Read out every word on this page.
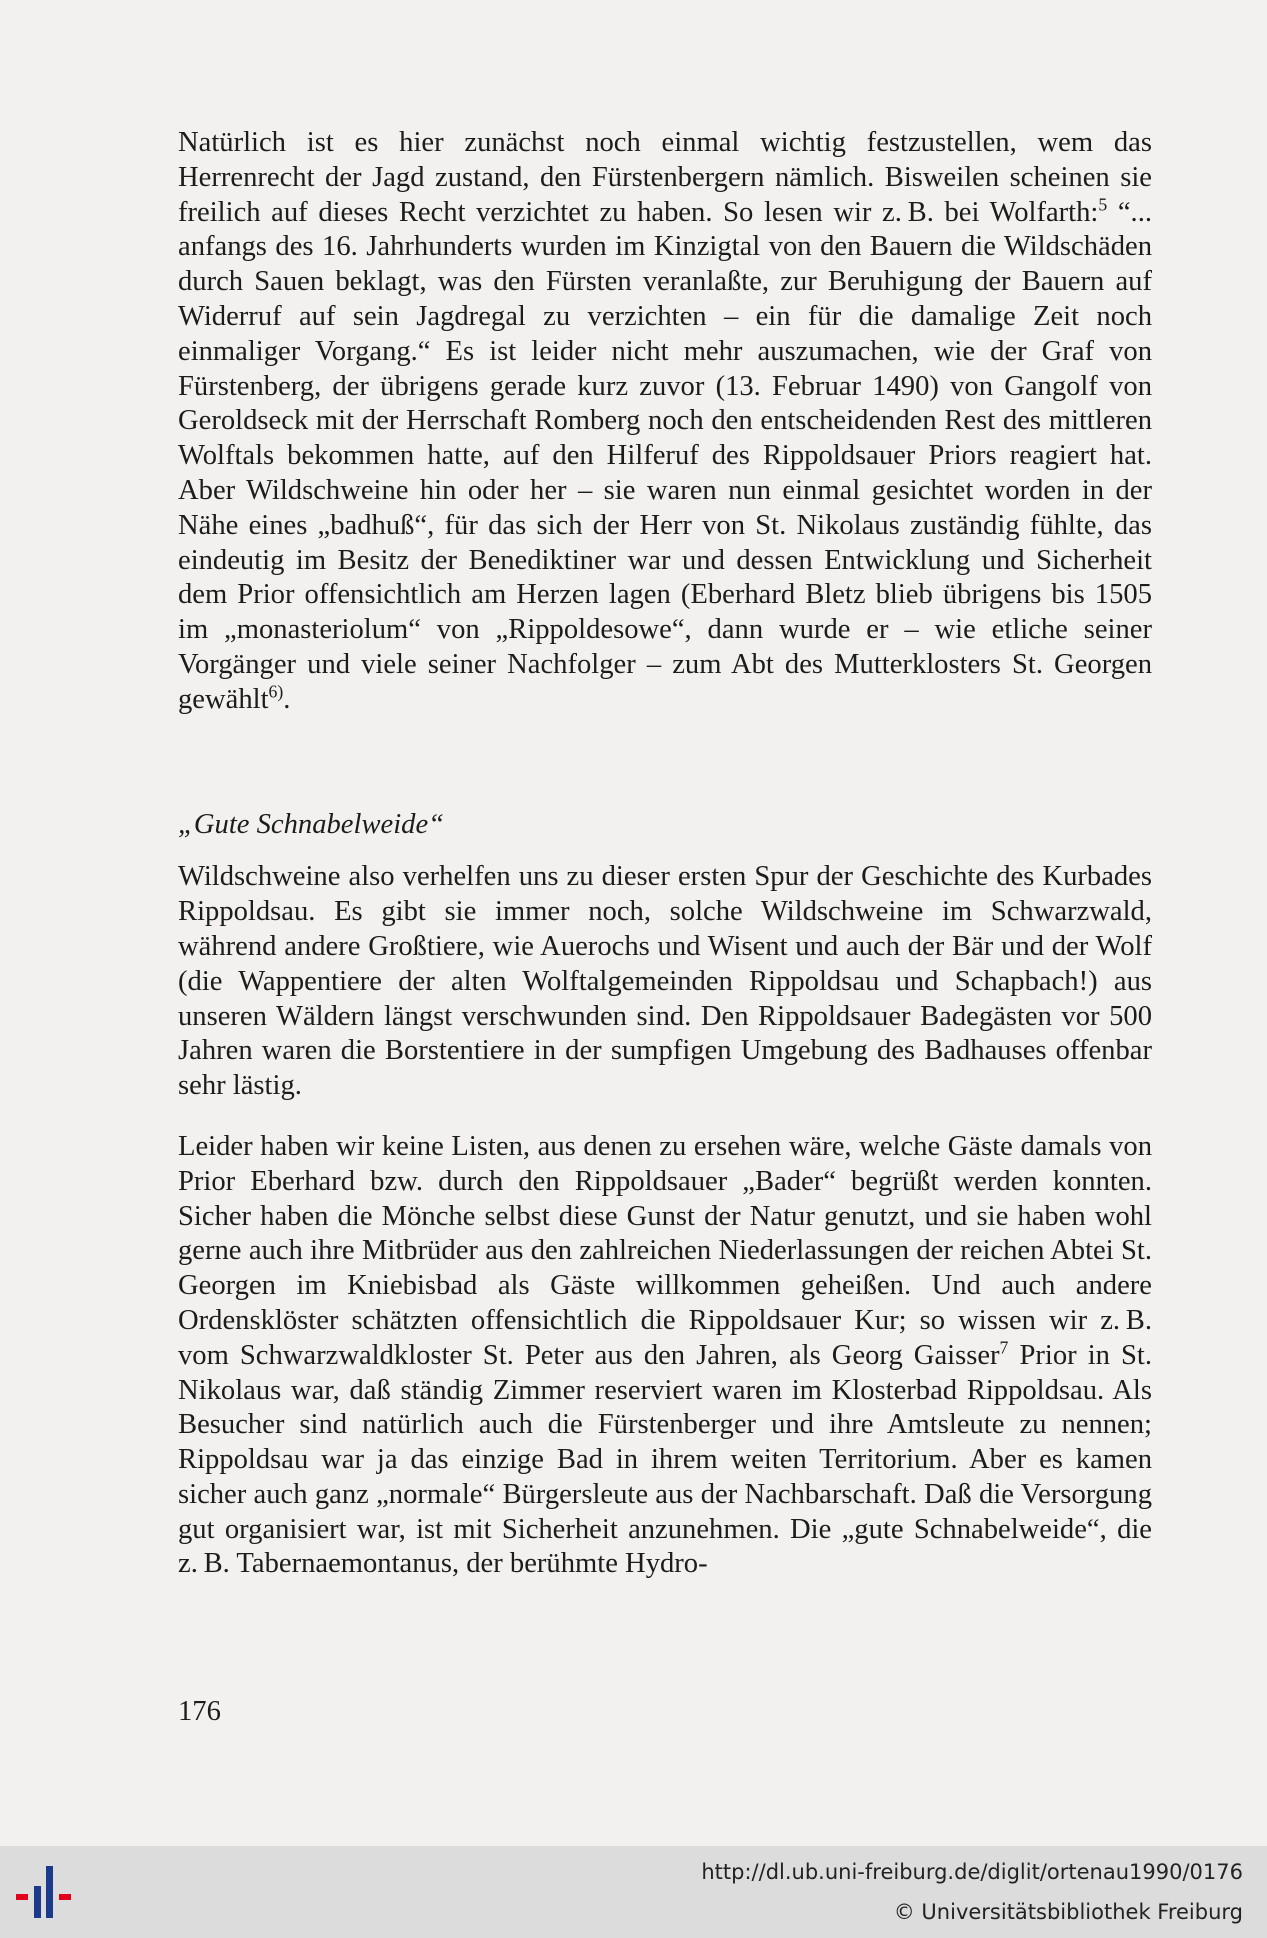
Natürlich ist es hier zunächst noch einmal wichtig festzustellen, wem das Herrenrecht der Jagd zustand, den Fürstenbergern nämlich. Bisweilen scheinen sie freilich auf dieses Recht verzichtet zu haben. So lesen wir z. B. bei Wolfarth:$^5$ “... anfangs des 16. Jahrhunderts wurden im Kinzigtal von den Bauern die Wildschäden durch Sauen beklagt, was den Fürsten veranlaßte, zur Beruhigung der Bauern auf Widerruf auf sein Jagdregal zu verzichten – ein für die damalige Zeit noch einmaliger Vorgang.“ Es ist leider nicht mehr auszumachen, wie der Graf von Fürstenberg, der übrigens gerade kurz zuvor (13. Februar 1490) von Gangolf von Geroldseck mit der Herrschaft Romberg noch den entscheidenden Rest des mittleren Wolftals bekommen hatte, auf den Hilferuf des Rippoldsauer Priors reagiert hat. Aber Wildschweine hin oder her – sie waren nun einmal gesichtet worden in der Nähe eines „badhuß“, für das sich der Herr von St. Nikolaus zuständig fühlte, das eindeutig im Besitz der Benediktiner war und dessen Entwicklung und Sicherheit dem Prior offensichtlich am Herzen lagen (Eberhard Bletz blieb übrigens bis 1505 im „monasteriolum“ von „Rippoldesowe“, dann wurde er – wie etliche seiner Vorgänger und viele seiner Nachfolger – zum Abt des Mutterklosters St. Georgen gewählt$^{6)}$.

„Gute Schnabelweide“

Wildschweine also verhelfen uns zu dieser ersten Spur der Geschichte des Kurbades Rippoldsau. Es gibt sie immer noch, solche Wildschweine im Schwarzwald, während andere Großtiere, wie Auerochs und Wisent und auch der Bär und der Wolf (die Wappentiere der alten Wolftalgemeinden Rippoldsau und Schapbach!) aus unseren Wäldern längst verschwunden sind. Den Rippoldsauer Badegästen vor 500 Jahren waren die Borstentiere in der sumpfigen Umgebung des Badhauses offenbar sehr lästig.

Leider haben wir keine Listen, aus denen zu ersehen wäre, welche Gäste damals von Prior Eberhard bzw. durch den Rippoldsauer „Bader“ begrüßt werden konnten. Sicher haben die Mönche selbst diese Gunst der Natur genutzt, und sie haben wohl gerne auch ihre Mitbrüder aus den zahlreichen Niederlassungen der reichen Abtei St. Georgen im Kniebisbad als Gäste willkommen geheißen. Und auch andere Ordensklöster schätzten offensichtlich die Rippoldsauer Kur; so wissen wir z. B. vom Schwarzwaldkloster St. Peter aus den Jahren, als Georg Gaisser$^7$ Prior in St. Nikolaus war, daß ständig Zimmer reserviert waren im Klosterbad Rippoldsau. Als Besucher sind natürlich auch die Fürstenberger und ihre Amtsleute zu nennen; Rippoldsau war ja das einzige Bad in ihrem weiten Territorium. Aber es kamen sicher auch ganz „normale“ Bürgersleute aus der Nachbarschaft. Daß die Versorgung gut organisiert war, ist mit Sicherheit anzunehmen. Die „gute Schnabelweide“, die z. B. Tabernaemontanus, der berühmte Hydro-

176
http://dl.ub.uni-freiburg.de/diglit/ortenau1990/0176
© Universitätsbibliothek Freiburg
